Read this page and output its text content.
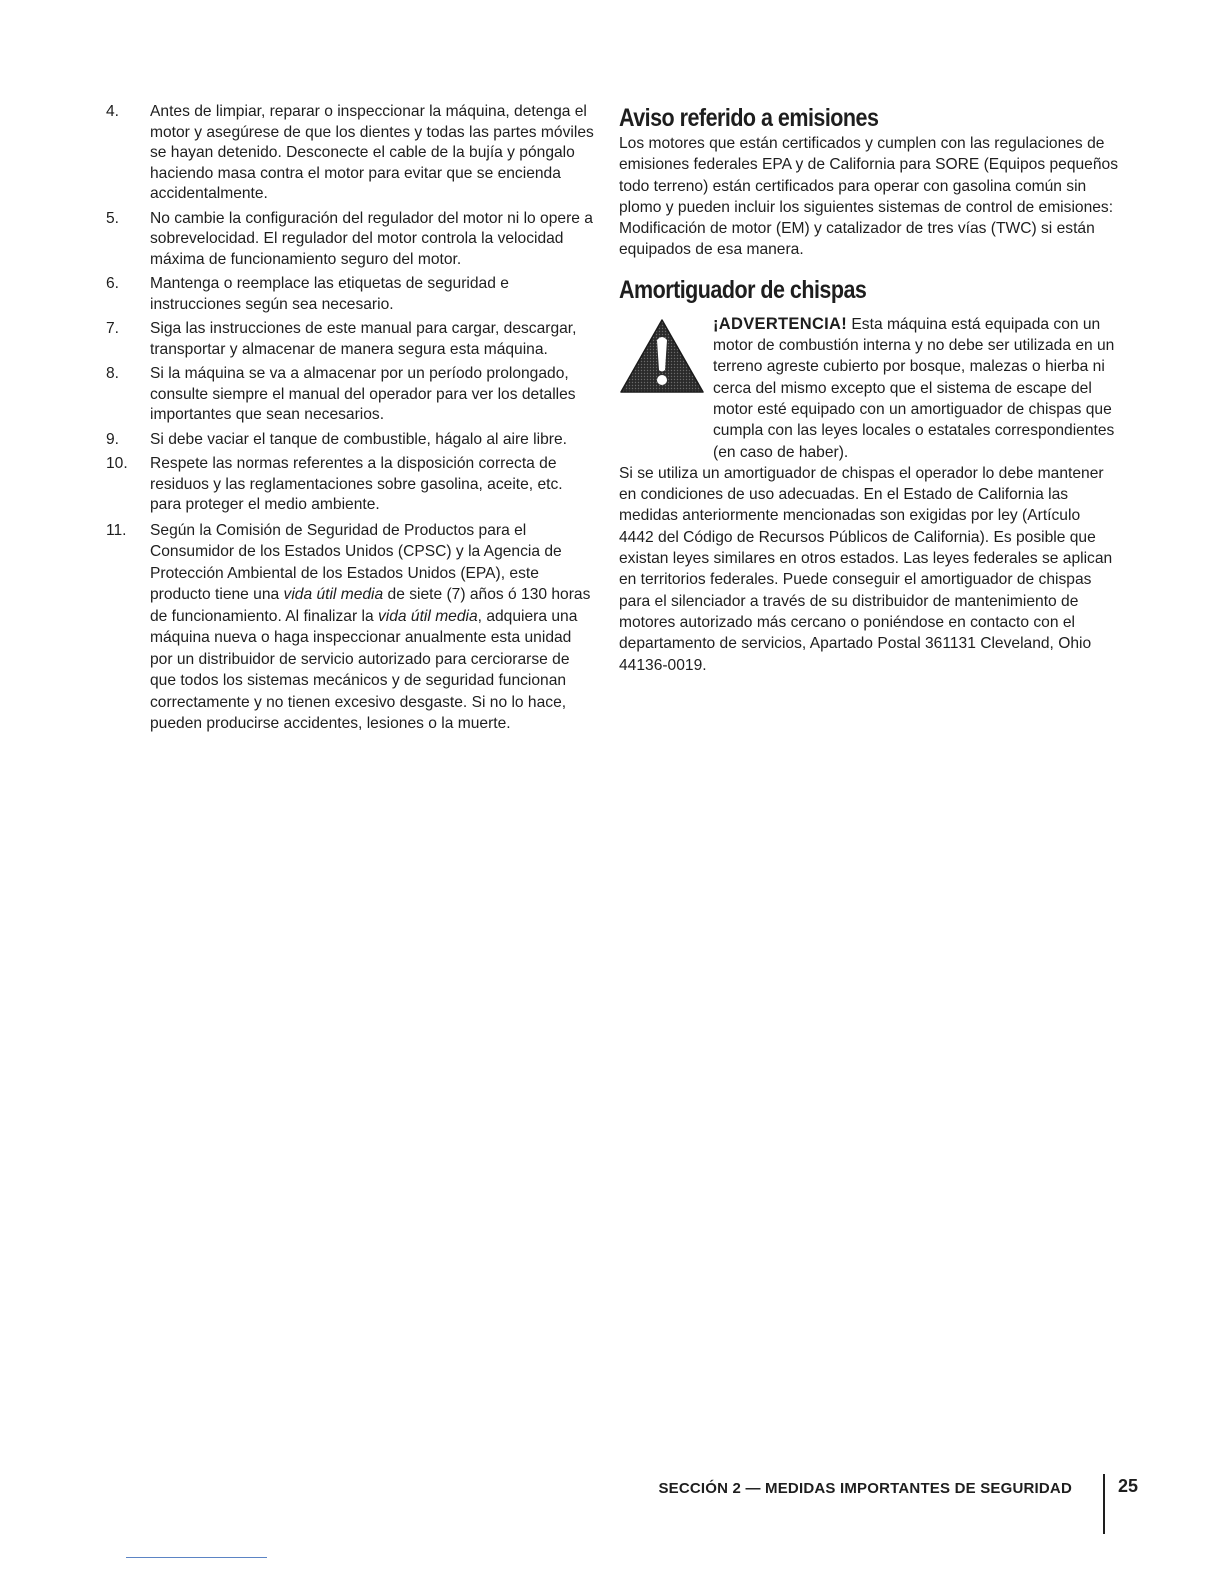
4.	Antes de limpiar, reparar o inspeccionar la máquina, detenga el motor y asegúrese de que los dientes y todas las partes móviles se hayan detenido. Desconecte el cable de la bujía y póngalo haciendo masa contra el motor para evitar que se encienda accidentalmente.
5.	No cambie la configuración del regulador del motor ni lo opere a sobrevelocidad. El regulador del motor controla la velocidad máxima de funcionamiento seguro del motor.
6.	Mantenga o reemplace las etiquetas de seguridad e instrucciones según sea necesario.
7.	Siga las instrucciones de este manual para cargar, descargar, transportar y almacenar de manera segura esta máquina.
8.	Si la máquina se va a almacenar por un período prolongado, consulte siempre el manual del operador para ver los detalles importantes que sean necesarios.
9.	Si debe vaciar el tanque de combustible, hágalo al aire libre.
10.	Respete las normas referentes a la disposición correcta de residuos y las reglamentaciones sobre gasolina, aceite, etc. para proteger el medio ambiente.
11.	Según la Comisión de Seguridad de Productos para el Consumidor de los Estados Unidos (CPSC) y la Agencia de Protección Ambiental de los Estados Unidos (EPA), este producto tiene una vida útil media de siete (7) años ó 130 horas de funcionamiento. Al finalizar la vida útil media, adquiera una máquina nueva o haga inspeccionar anualmente esta unidad por un distribuidor de servicio autorizado para cerciorarse de que todos los sistemas mecánicos y de seguridad funcionan correctamente y no tienen excesivo desgaste. Si no lo hace, pueden producirse accidentes, lesiones o la muerte.
Aviso referido a emisiones

Los motores que están certificados y cumplen con las regulaciones de emisiones federales EPA y de California para SORE (Equipos pequeños todo terreno) están certificados para operar con gasolina común sin plomo y pueden incluir los siguientes sistemas de control de emisiones: Modificación de motor (EM) y catalizador de tres vías (TWC) si están equipados de esa manera.

Amortiguador de chispas
¡ADVERTENCIA! Esta máquina está equipada con un motor de combustión interna y no debe ser utilizada en un terreno agreste cubierto por bosque, malezas o hierba ni cerca del mismo excepto que el sistema de escape del motor esté equipado con un amortiguador de chispas que cumpla con las leyes locales o estatales correspondientes (en caso de haber).

Si se utiliza un amortiguador de chispas el operador lo debe mantener en condiciones de uso adecuadas. En el Estado de California las medidas anteriormente mencionadas son exigidas por ley (Artículo 4442 del Código de Recursos Públicos de California). Es posible que existan leyes similares en otros estados. Las leyes federales se aplican en territorios federales. Puede conseguir el amortiguador de chispas para el silenciador a través de su distribuidor de mantenimiento de motores autorizado más cercano o poniéndose en contacto con el departamento de servicios, Apartado Postal 361131 Cleveland, Ohio 44136-0019.

SECCIÓN 2 — MEDIDAS IMPORTANTES DE SEGURIDAD	25
